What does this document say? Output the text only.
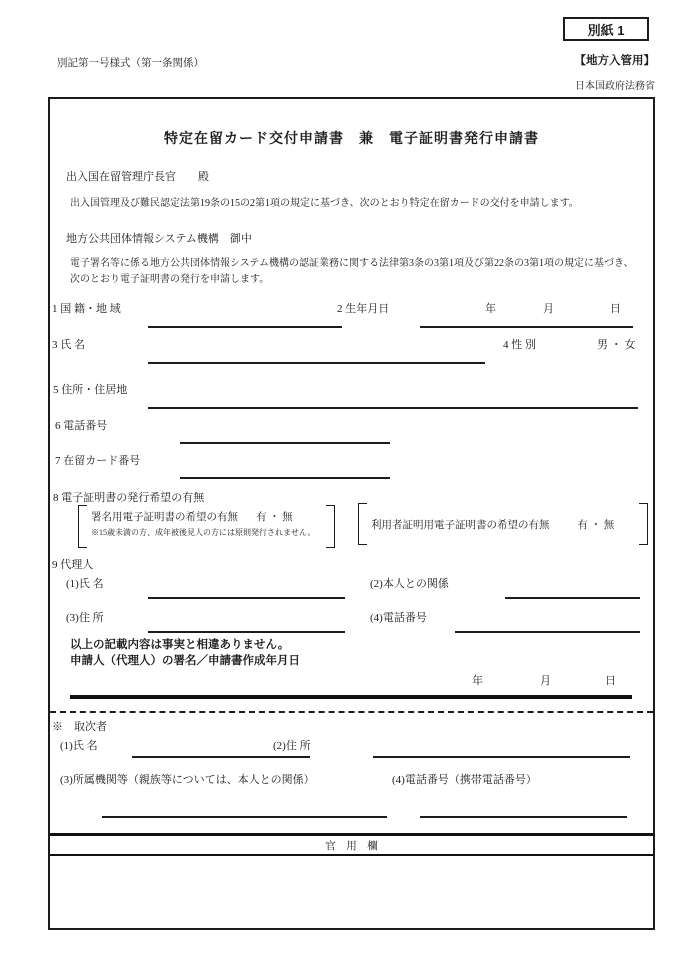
別紙 1
別記第一号様式（第一条関係）	【地方入管用】
日本国政府法務省
特定在留カード交付申請書　兼　電子証明書発行申請書
出入国在留管理庁長官　　殿
出入国管理及び難民認定法第19条の15の2第1項の規定に基づき、次のとおり特定在留カードの交付を申請します。
地方公共団体情報システム機構　御中
電子署名等に係る地方公共団体情報システム機構の認証業務に関する法律第3条の3第1項及び第22条の3第1項の規定に基づき、次のとおり電子証明書の発行を申請します。
1 国 籍・地 域	2 生年月日	年	月	日
3 氏 名	4 性 別	男 ・ 女
5 住所・住居地
6 電話番号
7 在留カード番号
8 電子証明書の発行希望の有無
署名用電子証明書の希望の有無 有 ・ 無
※15歳未満の方、成年被後見人の方には原則発行されません。
利用者証明用電子証明書の希望の有無	有 ・ 無
9 代理人
(1)氏 名	(2)本人との関係
(3)住 所	(4)電話番号
以上の記載内容は事実と相違ありません。
申請人（代理人）の署名／申請書作成年月日
年	月	日
※　取次者
(1)氏 名	(2)住 所
(3)所属機関等（親族等については、本人との関係）	(4)電話番号（携帯電話番号）
官　用　欄
